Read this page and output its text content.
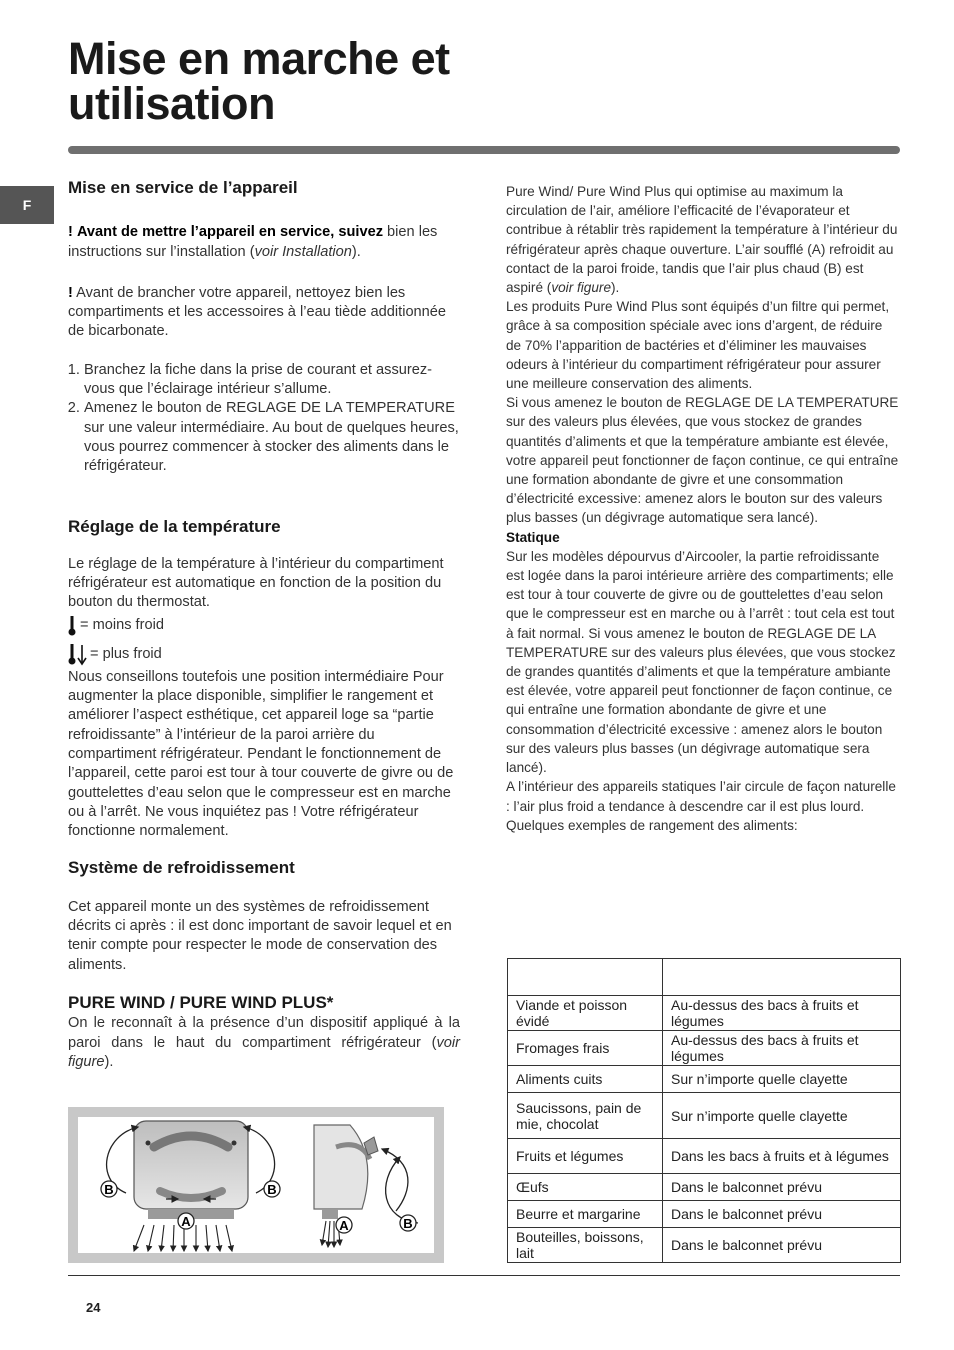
Mise en marche et
utilisation
F
Mise en service de l’appareil

! Avant de mettre l’appareil en service, suivez bien les instructions sur l’installation (voir Installation).

! Avant de brancher votre appareil, nettoyez bien les compartiments et les accessoires à l’eau tiède additionnée de bicarbonate.

1. Branchez la fiche dans la prise de courant et assurez-vous que l’éclairage intérieur s’allume.
2. Amenez le bouton de REGLAGE DE LA TEMPERATURE sur une valeur intermédiaire. Au bout de quelques heures, vous pourrez commencer à stocker des aliments dans le réfrigérateur.
Réglage de la température

Le réglage de la température à l’intérieur du compartiment réfrigérateur est automatique en fonction de la position du bouton du thermostat.

= moins froid
= plus froid

Nous conseillons toutefois une position intermédiaire Pour augmenter la place disponible, simplifier le rangement et améliorer l’aspect esthétique, cet appareil loge sa “partie refroidissante” à l’intérieur de la paroi arrière du compartiment réfrigérateur. Pendant le fonctionnement de l’appareil, cette paroi est tour à tour couverte de givre ou de gouttelettes d’eau selon que le compresseur est en marche ou à l’arrêt. Ne vous inquiétez pas ! Votre réfrigérateur fonctionne normalement.

Système de refroidissement

Cet appareil monte un des systèmes de refroidissement décrits ci après : il est donc important de savoir lequel et en tenir compte pour respecter le mode de conservation des aliments.

PURE WIND / PURE WIND PLUS*

On le reconnaît à la présence d’un dispositif appliqué à la paroi dans le haut du compartiment réfrigérateur (voir figure).

B	B
A	A	B

Pure Wind/ Pure Wind Plus qui optimise au maximum la circulation de l’air, améliore l’efficacité de l’évaporateur et contribue à rétablir très rapidement la température à l’intérieur du réfrigérateur après chaque ouverture. L’air soufflé (A) refroidit au contact de la paroi froide, tandis que l’air plus chaud (B) est aspiré (voir figure).

Les produits Pure Wind Plus sont équipés d’un filtre qui permet, grâce à sa composition spéciale avec ions d’argent, de réduire de 70% l’apparition de bactéries et d’éliminer les mauvaises odeurs à l’intérieur du compartiment réfrigérateur pour assurer une meilleure conservation des aliments.

Si vous amenez le bouton de REGLAGE DE LA TEMPERATURE sur des valeurs plus élevées, que vous stockez de grandes quantités d’aliments et que la température ambiante est élevée, votre appareil peut fonctionner de façon continue, ce qui entraîne une formation abondante de givre et une consommation d’électricité excessive: amenez alors le bouton sur des valeurs plus basses (un dégivrage automatique sera lancé).

Statique

Sur les modèles dépourvus d’Aircooler, la partie refroidissante est logée dans la paroi intérieure arrière des compartiments; elle est tour à tour couverte de givre ou de gouttelettes d’eau selon que le compresseur est en marche ou à l’arrêt : tout cela est tout à fait normal. Si vous amenez le bouton de REGLAGE DE LA TEMPERATURE sur des valeurs plus élevées, que vous stockez de grandes quantités d’aliments et que la température ambiante est élevée, votre appareil peut fonctionner de façon continue, ce qui entraîne une formation abondante de givre et une consommation d’électricité excessive : amenez alors le bouton sur des valeurs plus basses (un dégivrage automatique sera lancé).

A l’intérieur des appareils statiques l’air circule de façon naturelle : l’air plus froid a tendance à descendre car il est plus lourd. Quelques exemples de rangement des aliments:

Viande et poisson évidé	Au-dessus des bacs à fruits et légumes
Fromages frais	Au-dessus des bacs à fruits et légumes
Aliments cuits	Sur n’importe quelle clayette
Saucissons, pain de mie, chocolat	Sur n’importe quelle clayette
Fruits et légumes	Dans les bacs à fruits et à légumes
Œufs	Dans le balconnet prévu
Beurre et margarine	Dans le balconnet prévu
Bouteilles, boissons, lait	Dans le balconnet prévu
24
